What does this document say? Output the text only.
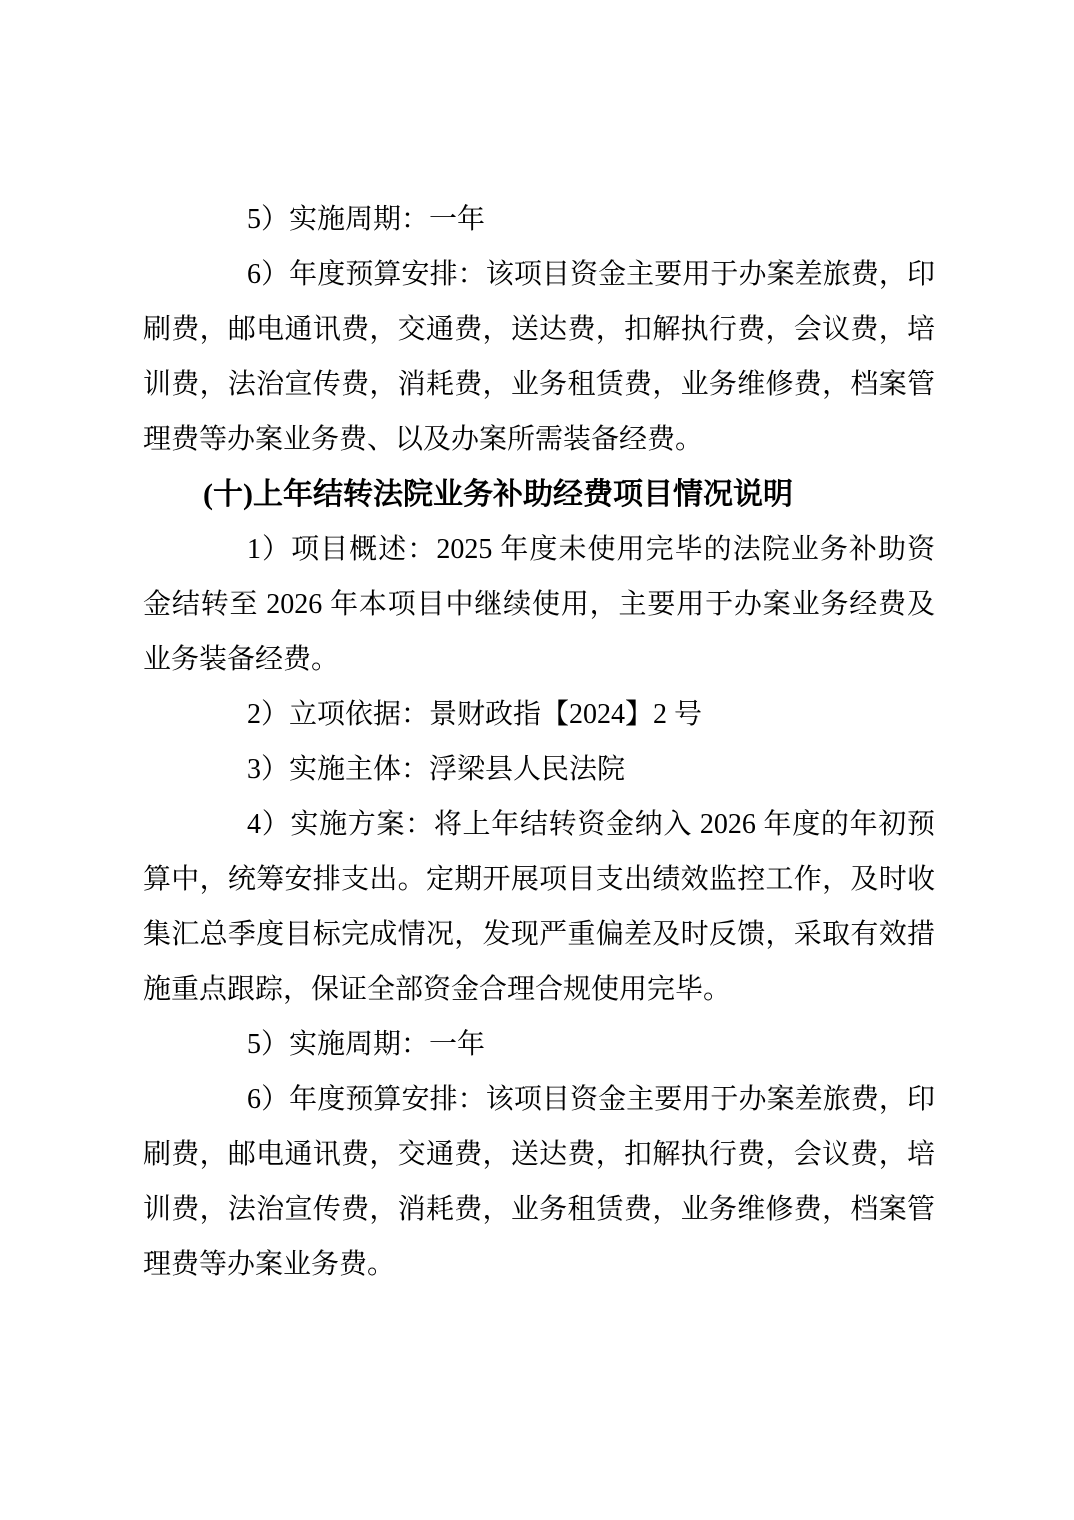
5）实施周期：一年

6）年度预算安排：该项目资金主要用于办案差旅费，印刷费，邮电通讯费，交通费，送达费，扣解执行费，会议费，培训费，法治宣传费，消耗费，业务租赁费，业务维修费，档案管理费等办案业务费、以及办案所需装备经费。

(十)上年结转法院业务补助经费项目情况说明

1）项目概述：2025 年度未使用完毕的法院业务补助资金结转至 2026 年本项目中继续使用，主要用于办案业务经费及业务装备经费。

2）立项依据：景财政指【2024】2 号

3）实施主体：浮梁县人民法院

4）实施方案：将上年结转资金纳入 2026 年度的年初预算中，统筹安排支出。定期开展项目支出绩效监控工作，及时收集汇总季度目标完成情况，发现严重偏差及时反馈，采取有效措施重点跟踪，保证全部资金合理合规使用完毕。

5）实施周期：一年

6）年度预算安排：该项目资金主要用于办案差旅费，印刷费，邮电通讯费，交通费，送达费，扣解执行费，会议费，培训费，法治宣传费，消耗费，业务租赁费，业务维修费，档案管理费等办案业务费。
